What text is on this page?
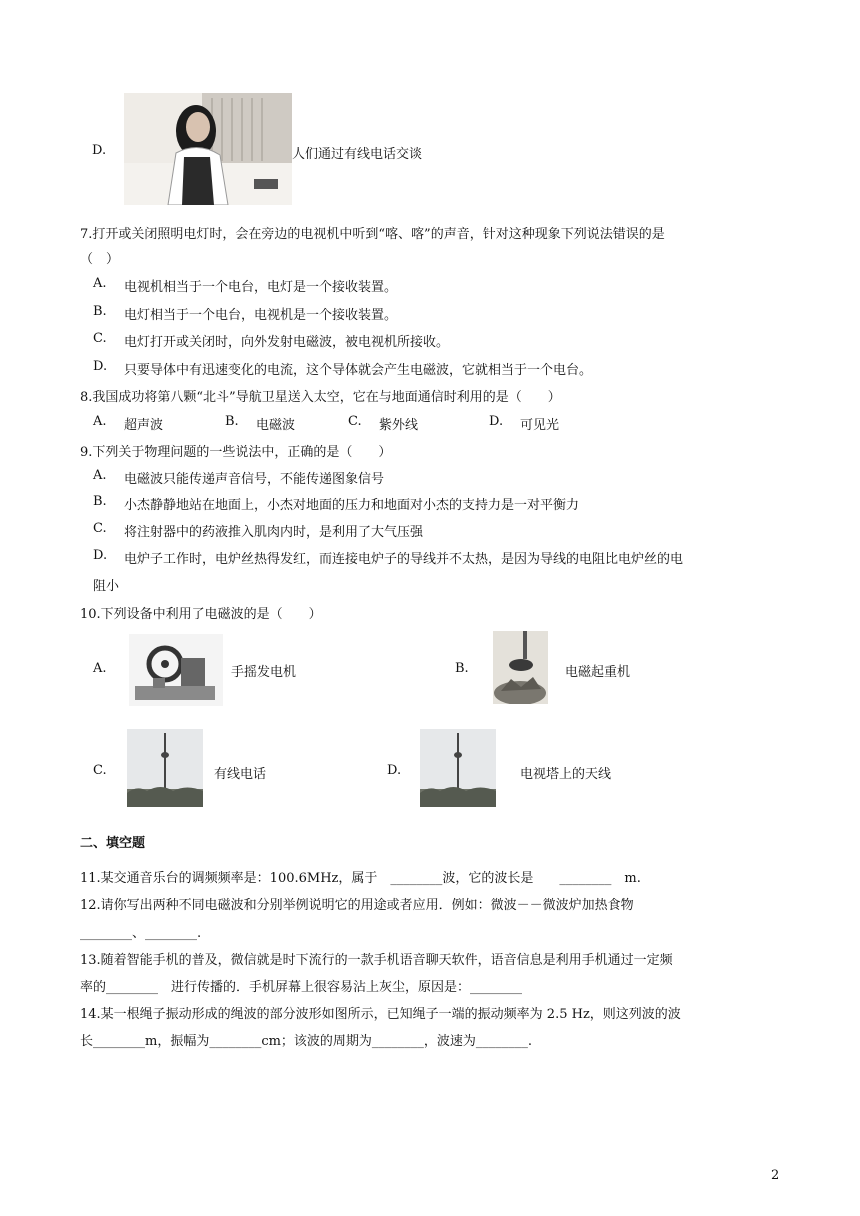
D.	人们通过有线电话交谈
7.打开或关闭照明电灯时，会在旁边的电视机中听到“喀、喀”的声音，针对这种现象下列说法错误的是
（　）
A. 电视机相当于一个电台，电灯是一个接收装置。
B. 电灯相当于一个电台，电视机是一个接收装置。
C. 电灯打开或关闭时，向外发射电磁波，被电视机所接收。
D. 只要导体中有迅速变化的电流，这个导体就会产生电磁波，它就相当于一个电台。
8.我国成功将第八颗“北斗”导航卫星送入太空，它在与地面通信时利用的是（　　）
A. 超声波	B. 电磁波	C. 紫外线	D. 可见光
9.下列关于物理问题的一些说法中，正确的是（　　）
A. 电磁波只能传递声音信号，不能传递图象信号
B. 小杰静静地站在地面上，小杰对地面的压力和地面对小杰的支持力是一对平衡力
C. 将注射器中的药液推入肌肉内时，是利用了大气压强
D. 电炉子工作时，电炉丝热得发红，而连接电炉子的导线并不太热，是因为导线的电阻比电炉丝的电
阻小
10.下列设备中利用了电磁波的是（　　）
A.	手摇发电机	B.	电磁起重机
C.	有线电话	D.	电视塔上的天线
二、填空题
11.某交通音乐台的调频频率是：100.6MHz，属于　________波，它的波长是　　________　m.
12.请你写出两种不同电磁波和分别举例说明它的用途或者应用．例如：微波－－微波炉加热食物
________、________.
13.随着智能手机的普及，微信就是时下流行的一款手机语音聊天软件，语音信息是利用手机通过一定频
率的________　进行传播的．手机屏幕上很容易沾上灰尘，原因是：________
14.某一根绳子振动形成的绳波的部分波形如图所示，已知绳子一端的振动频率为 2.5 Hz，则这列波的波
长________m，振幅为________cm；该波的周期为________，波速为________.
2
